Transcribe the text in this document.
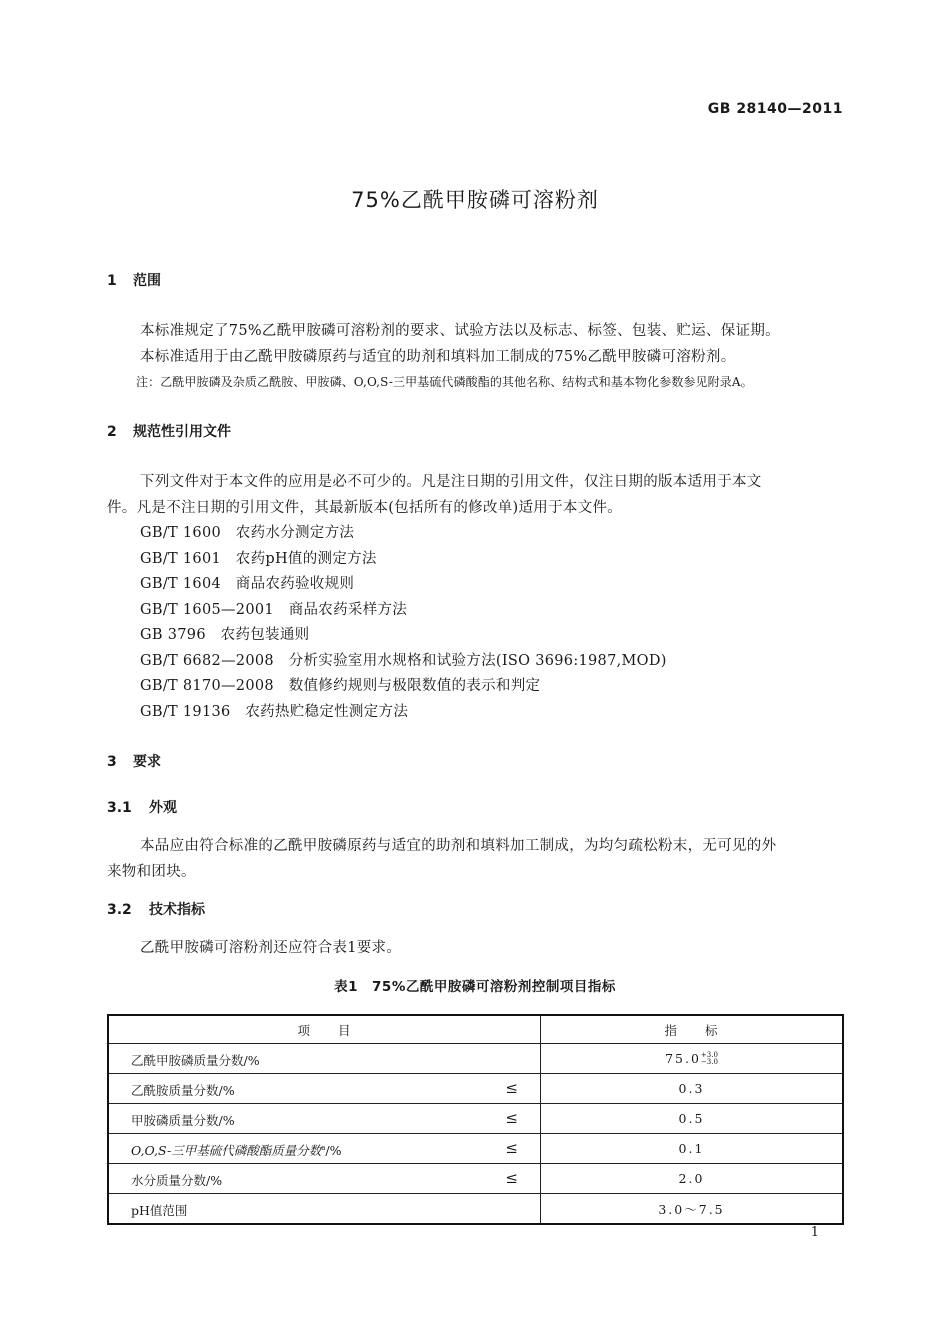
GB 28140—2011
75%乙酰甲胺磷可溶粉剂
1 范围
本标准规定了75%乙酰甲胺磷可溶粉剂的要求、试验方法以及标志、标签、包装、贮运、保证期。
本标准适用于由乙酰甲胺磷原药与适宜的助剂和填料加工制成的75%乙酰甲胺磷可溶粉剂。
注：乙酰甲胺磷及杂质乙酰胺、甲胺磷、O,O,S-三甲基硫代磷酸酯的其他名称、结构式和基本物化参数参见附录A。
2 规范性引用文件
下列文件对于本文件的应用是必不可少的。凡是注日期的引用文件，仅注日期的版本适用于本文
件。凡是不注日期的引用文件，其最新版本(包括所有的修改单)适用于本文件。
GB/T 1600　农药水分测定方法
GB/T 1601　农药pH值的测定方法
GB/T 1604　商品农药验收规则
GB/T 1605—2001　商品农药采样方法
GB 3796　农药包装通则
GB/T 6682—2008　分析实验室用水规格和试验方法(ISO 3696:1987,MOD)
GB/T 8170—2008　数值修约规则与极限数值的表示和判定
GB/T 19136　农药热贮稳定性测定方法
3 要求
3.1 外观
本品应由符合标准的乙酰甲胺磷原药与适宜的助剂和填料加工制成，为均匀疏松粉末，无可见的外
来物和团块。
3.2 技术指标
乙酰甲胺磷可溶粉剂还应符合表1要求。
表1　75%乙酰甲胺磷可溶粉剂控制项目指标
项　　目	指　　标

乙酰甲胺磷质量分数/%	75.0+3.0
−3.0

乙酰胺质量分数/% ≤	0.3

甲胺磷质量分数/% ≤	0.5

O,O,S-三甲基硫代磷酸酯质量分数$^a$/% ≤	0.1

水分质量分数/% ≤	2.0

pH值范围	3.0～7.5
1
